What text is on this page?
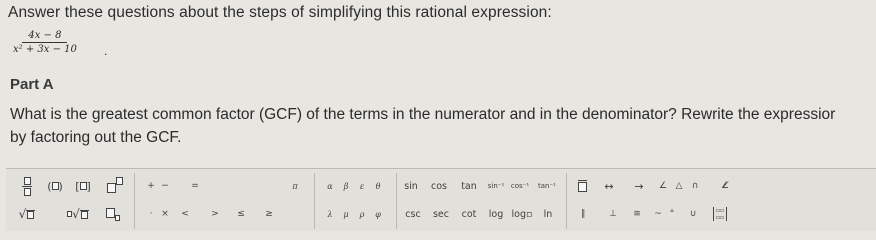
Answer these questions about the steps of simplifying this rational expression:
$\frac{4x - 8}{\text{x² + 3x − 10}}$ .
Part A
What is the greatest common factor (GCF) of the terms in the numerator and in the denominator? Rewrite the expressior
by factoring out the GCF.
( ) [ ]
√	√
+ −	=
· ×	<	>	≤	≥
π	α	β	ε	θ
λ	μ	ρ	φ
sin	cos	tan	sin⁻¹ cos⁻¹	tan⁻¹
csc	sec	cot	log log▫	ln
↔	→	∠ △	∩	∠̸
∥	⊥	≅	~ °	∪	▫▫
▫▫
